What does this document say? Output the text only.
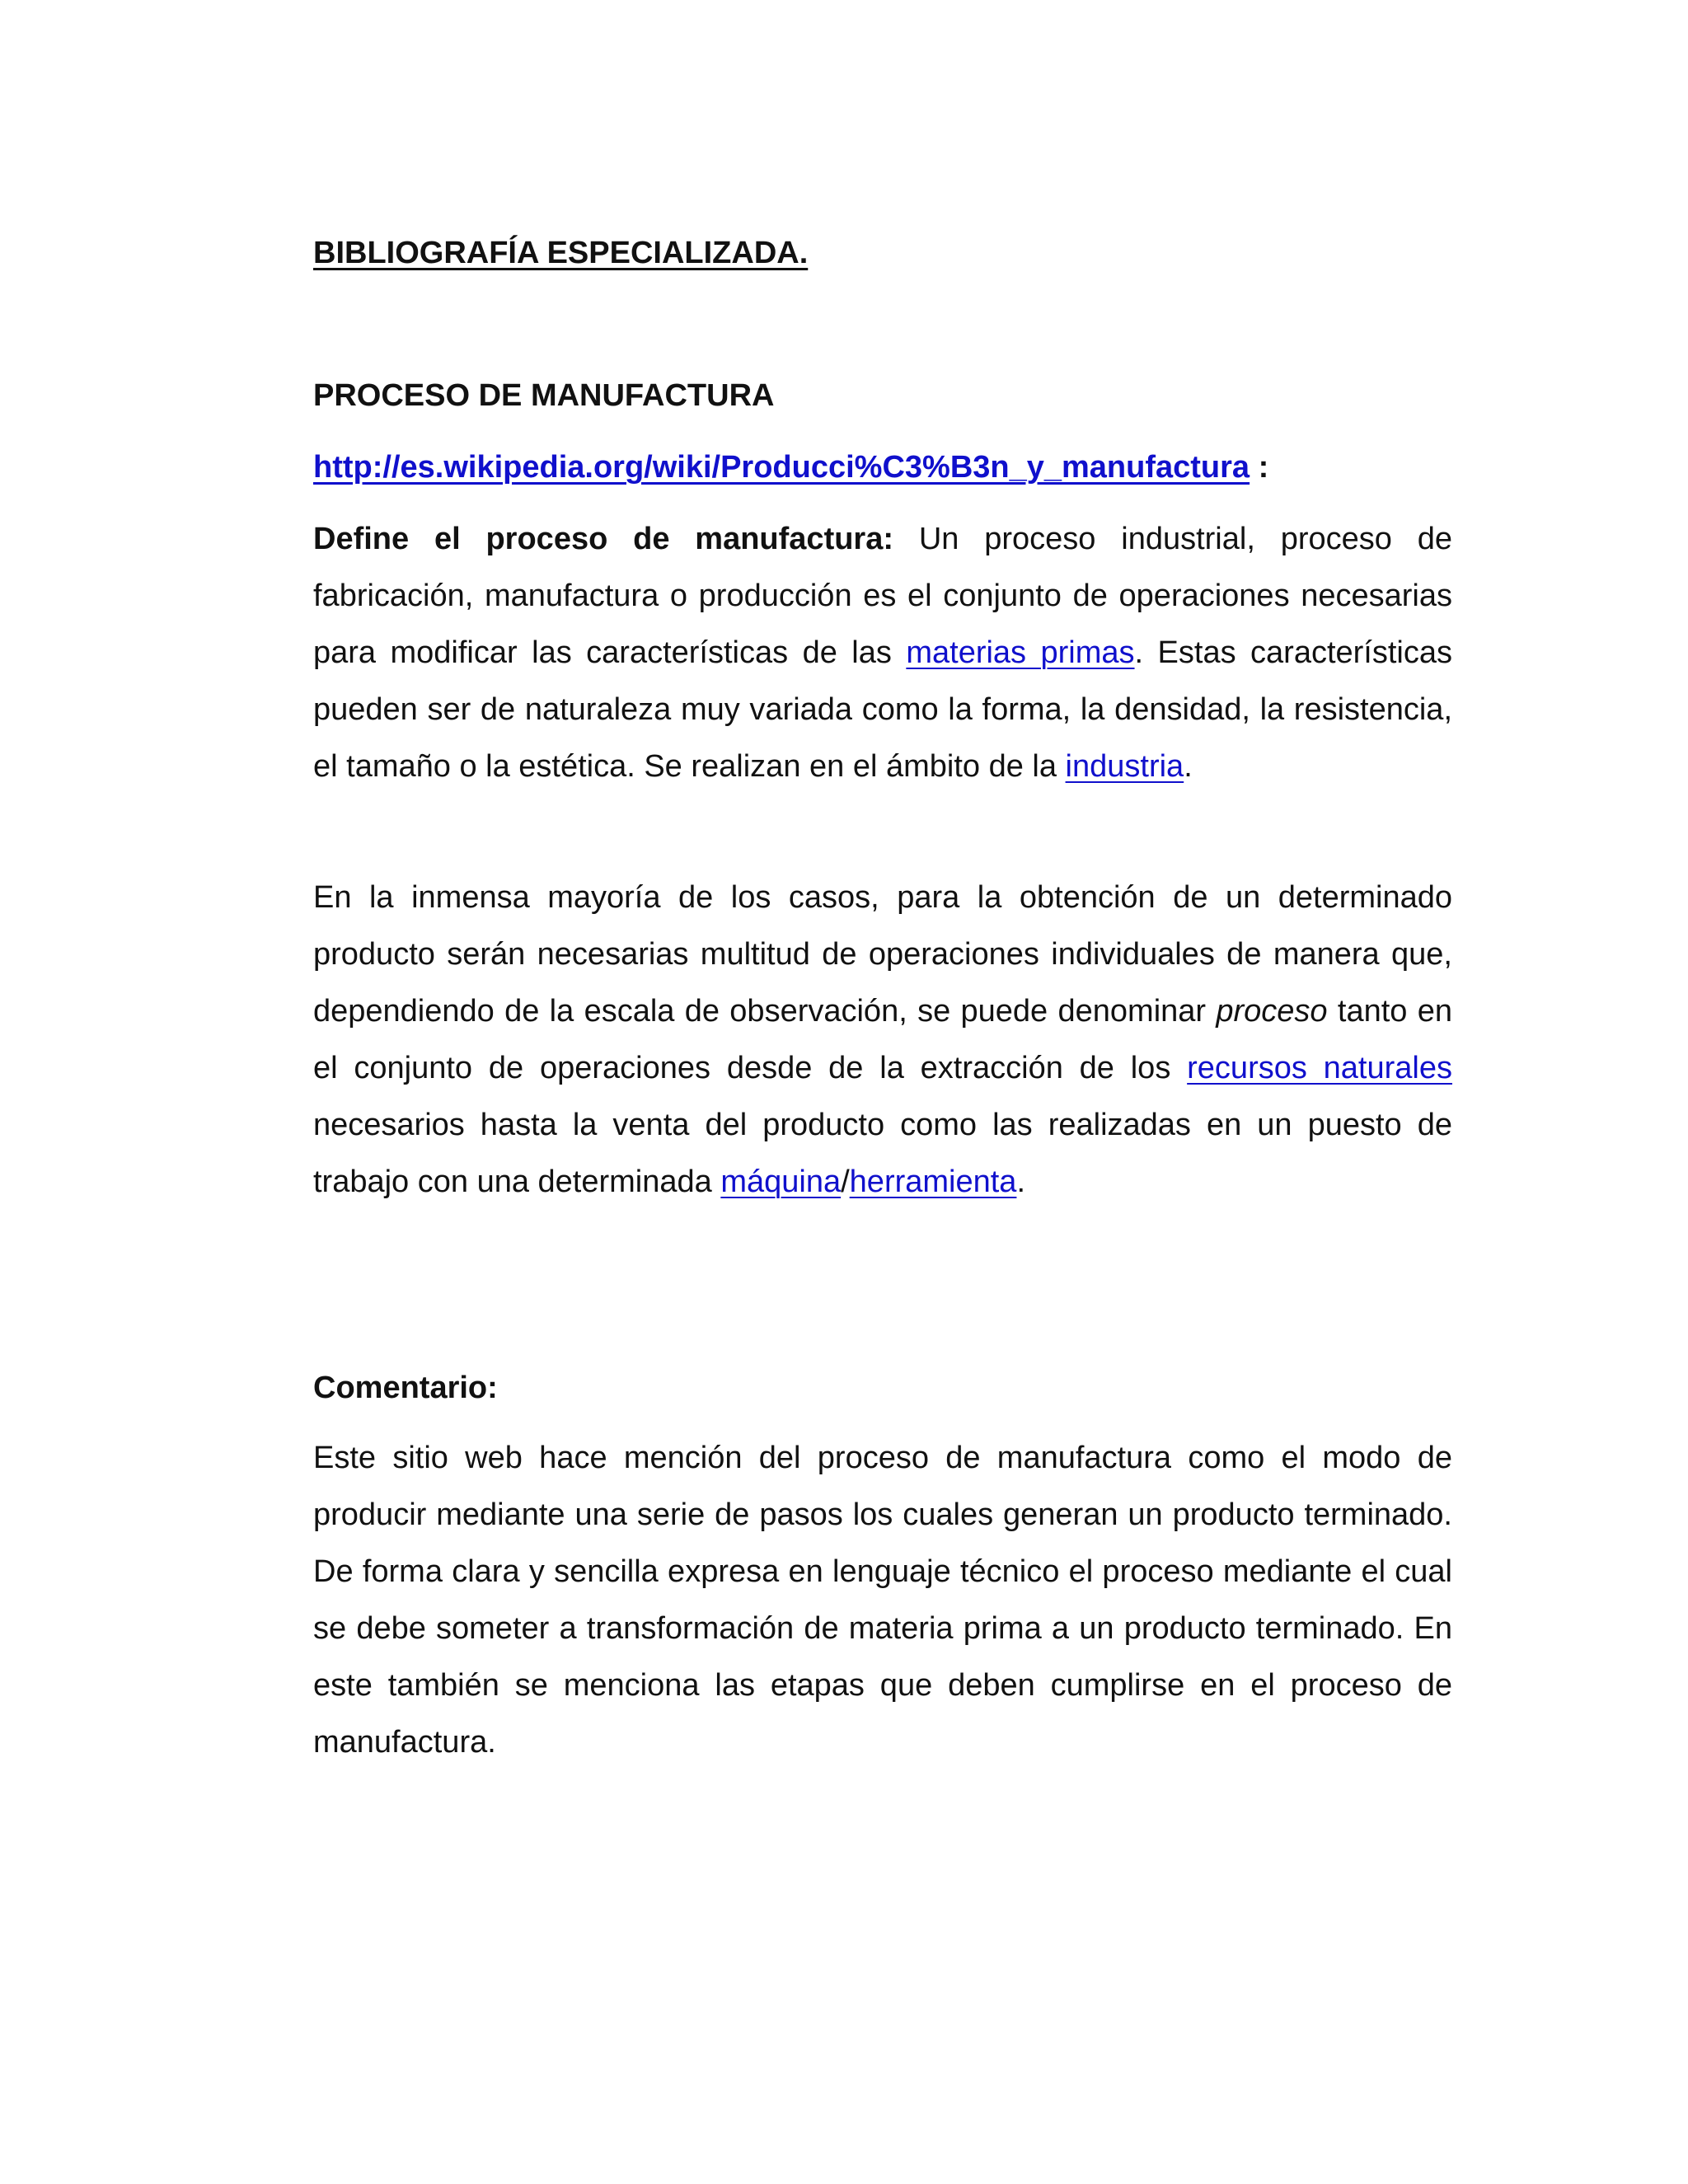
BIBLIOGRAFÍA ESPECIALIZADA.
PROCESO DE MANUFACTURA
http://es.wikipedia.org/wiki/Producci%C3%B3n_y_manufactura :

Define el proceso de manufactura: Un proceso industrial, proceso de fabricación, manufactura o producción es el conjunto de operaciones necesarias para modificar las características de las materias primas. Estas características pueden ser de naturaleza muy variada como la forma, la densidad, la resistencia, el tamaño o la estética. Se realizan en el ámbito de la industria.

En la inmensa mayoría de los casos, para la obtención de un determinado producto serán necesarias multitud de operaciones individuales de manera que, dependiendo de la escala de observación, se puede denominar proceso tanto en el conjunto de operaciones desde de la extracción de los recursos naturales necesarios hasta la venta del producto como las realizadas en un puesto de trabajo con una determinada máquina/herramienta.

Comentario:

Este sitio web hace mención del proceso de manufactura como el modo de producir mediante una serie de pasos los cuales generan un producto terminado. De forma clara y sencilla expresa en lenguaje técnico el proceso mediante el cual se debe someter a transformación de materia prima a un producto terminado. En este también se menciona las etapas que deben cumplirse en el proceso de manufactura.
